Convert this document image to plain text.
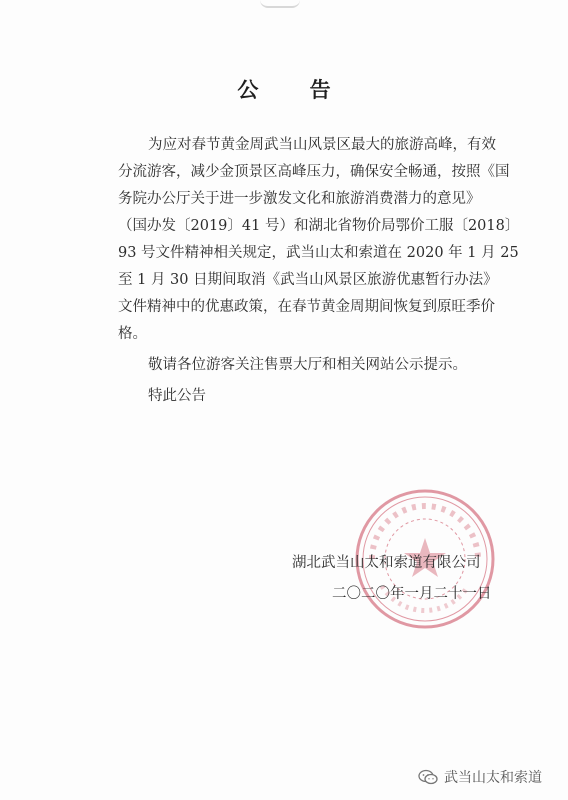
公 告

为应对春节黄金周武当山风景区最大的旅游高峰，有效
分流游客，减少金顶景区高峰压力，确保安全畅通，按照《国
务院办公厅关于进一步激发文化和旅游消费潜力的意见》
（国办发〔2019〕41 号）和湖北省物价局鄂价工服〔2018〕
93 号文件精神相关规定，武当山太和索道在 2020 年 1 月 25
至 1 月 30 日期间取消《武当山风景区旅游优惠暂行办法》
文件精神中的优惠政策，在春节黄金周期间恢复到原旺季价
格。

敬请各位游客关注售票大厅和相关网站公示提示。

特此公告

湖北武当山太和索道有限公司
二〇二〇年一月二十一日
武当山太和索道
